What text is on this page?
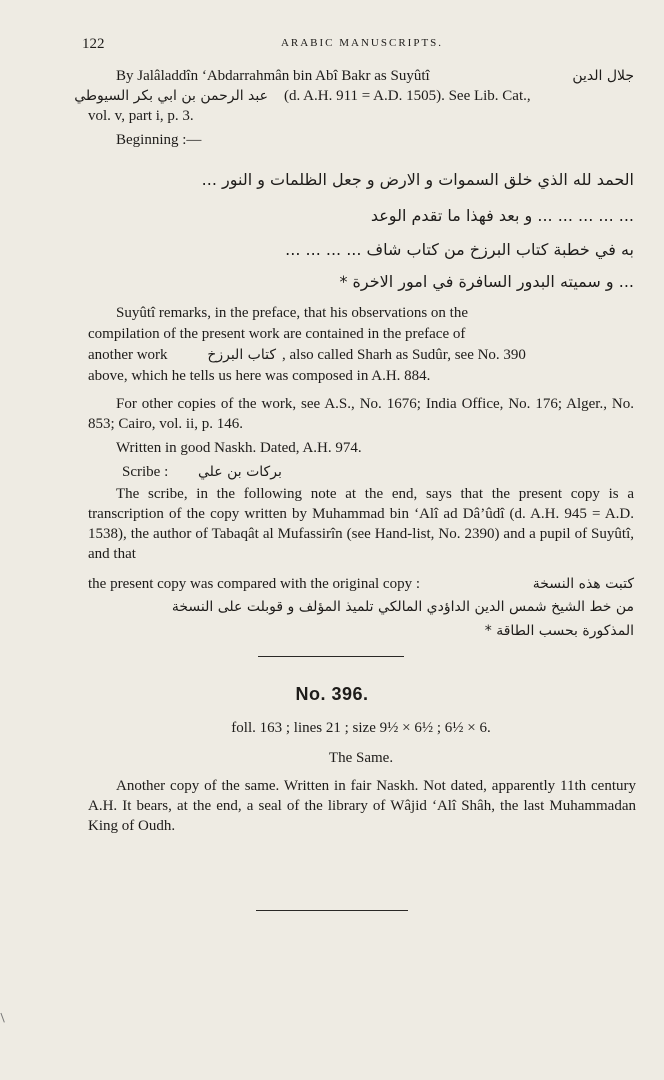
122	ARABIC MANUSCRIPTS.
By Jalâladdîn ‘Abdarrahmân bin Abî Bakr as Suyûtî	جلال الدين
عبد الرحمن بن ابي بكر السيوطي (d. A.H. 911 = A.D. 1505). See Lib. Cat.,
vol. v, part i, p. 3.
Beginning :—
الحمد لله الذي خلق السموات و الارض و جعل الظلمات و النور ...
... ... ... ... ... و بعد فهذا ما تقدم الوعد
به في خطبة كتاب البرزخ من كتاب شاف ... ... ... ...
... و سميته البدور السافرة في امور الاخرة *
Suyûtî remarks, in the preface, that his observations on the
compilation of the present work are contained in the preface of
another work	كتاب البرزخ , also called Sharh as Sudûr, see No. 390
above, which he tells us here was composed in A.H. 884.

For other copies of the work, see A.S., No. 1676; India Office, No. 176; Alger., No. 853; Cairo, vol. ii, p. 146.

Written in good Naskh. Dated, A.H. 974.
Scribe : بركات بن علي

The scribe, in the following note at the end, says that the present copy is a transcription of the copy written by Muhammad bin ‘Alî ad Dâ’ûdî (d. A.H. 945 = A.D. 1538), the author of Tabaqât al Mufassirîn (see Hand-list, No. 2390) and a pupil of Suyûtî, and that

the present copy was compared with the original copy :	كتبت هذه النسخة
من خط الشيخ شمس الدين الداؤدي المالكي تلميذ المؤلف و قوبلت على النسخة
المذكورة بحسب الطاقة *
No. 396.
foll. 163 ; lines 21 ; size 9½ × 6½ ; 6½ × 6.
The Same.

Another copy of the same. Written in fair Naskh. Not dated, apparently 11th century A.H. It bears, at the end, a seal of the library of Wâjid ‘Alî Shâh, the last Muhammadan King of Oudh.
